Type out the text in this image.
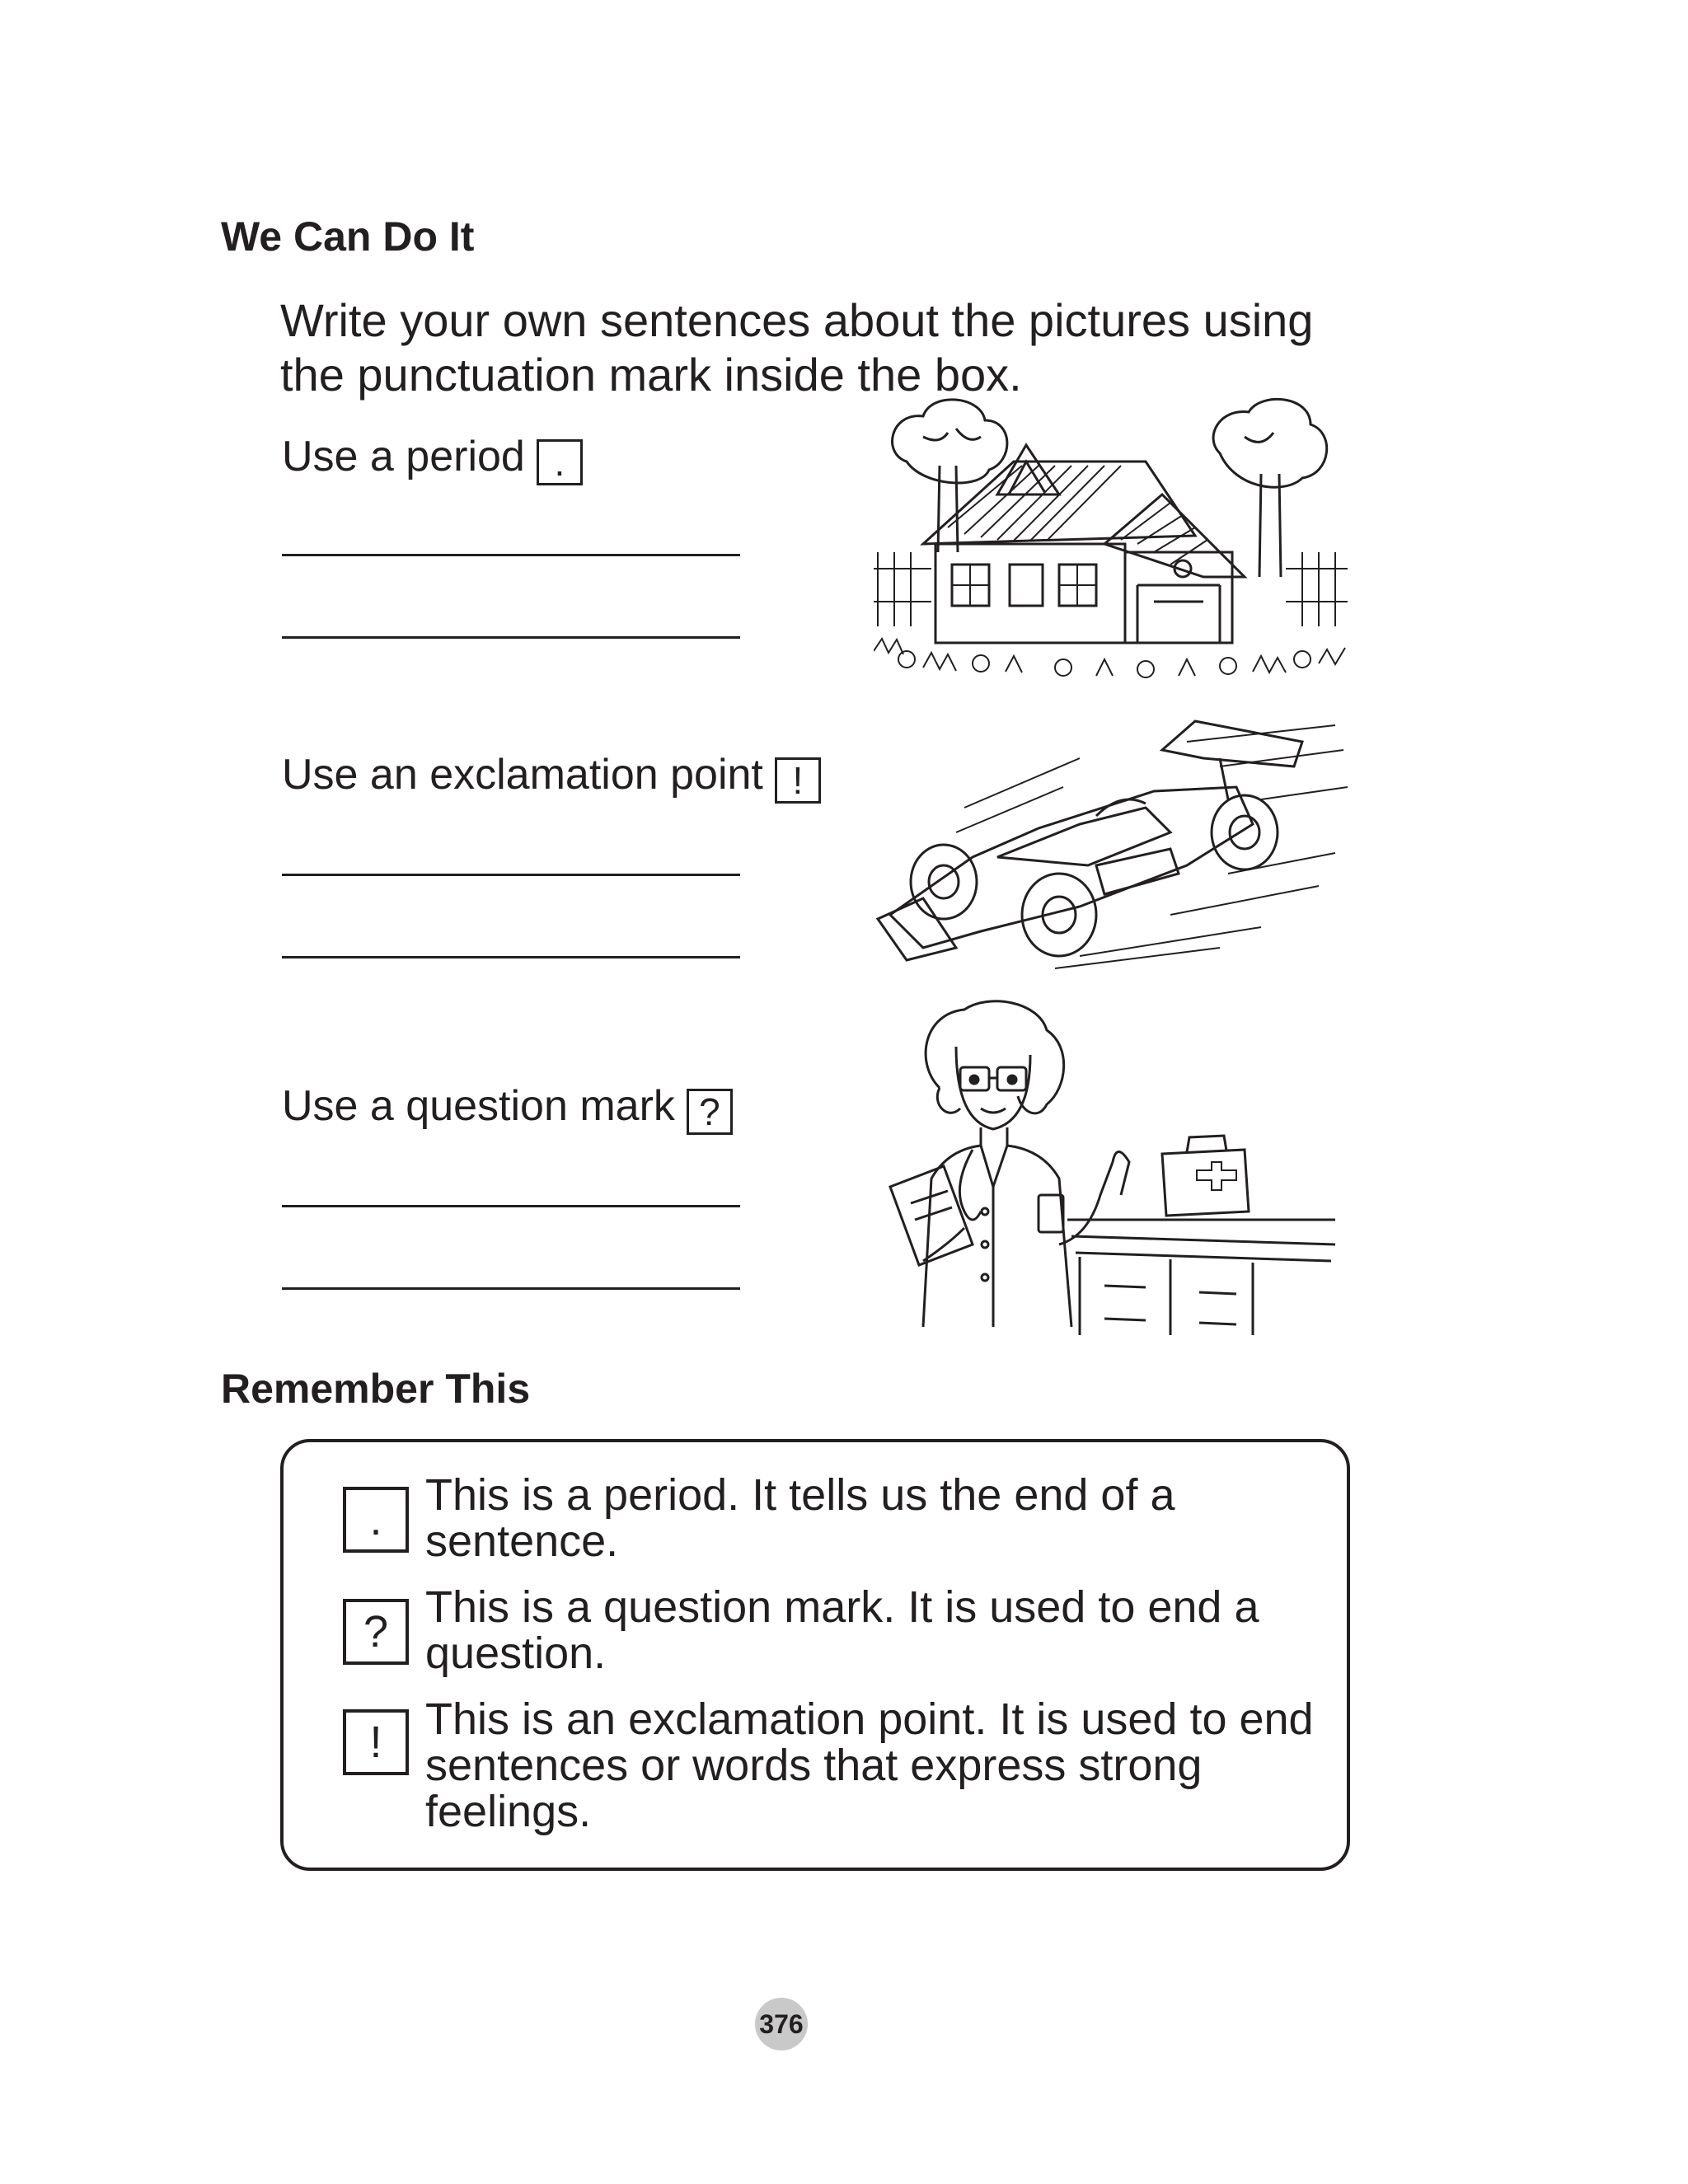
We Can Do It

Write your own sentences about the pictures using the punctuation mark inside the box.

Use a period .
Use an exclamation point !
Use a question mark ?
Remember This
. This is a period. It tells us the end of a sentence.
? This is a question mark. It is used to end a question.
! This is an exclamation point. It is used to end sentences or words that express strong feelings.
376
